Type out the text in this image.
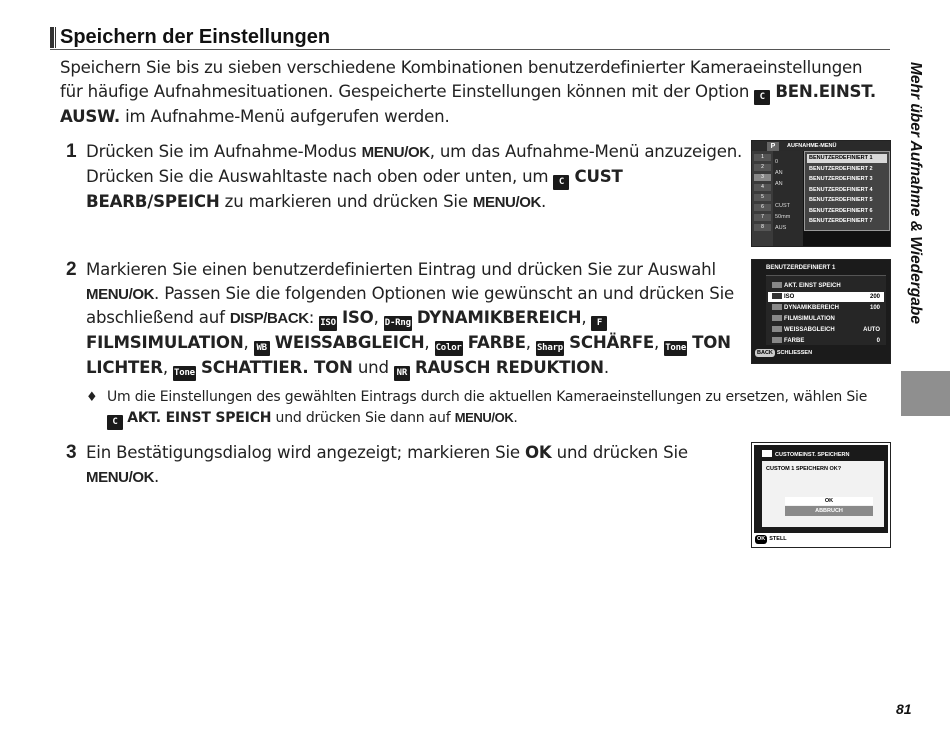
Speichern der Einstellungen
Speichern Sie bis zu sieben verschiedene Kombinationen benutzerdefinierter Kameraeinstellungen für häufige Aufnahmesituationen. Gespeicherte Einstellungen können mit der Option C BEN.EINST. AUSW. im Aufnahme-Menü aufgerufen werden.
1 Drücken Sie im Aufnahme-Modus MENU/OK, um das Aufnahme-Menü anzuzeigen. Drücken Sie die Auswahltaste nach oben oder unten, um C CUST BEARB/SPEICH zu markieren und drücken Sie MENU/OK.
2 Markieren Sie einen benutzerdefinierten Eintrag und drücken Sie zur Auswahl MENU/OK. Passen Sie die folgenden Optionen wie gewünscht an und drücken Sie abschließend auf DISP/BACK: ISO ISO, D-Rng DYNAMIKBEREICH, F FILMSIMULATION, WB WEISSABGLEICH, Color FARBE, Sharp SCHÄRFE, Tone TON LICHTER, Tone SCHATTIER. TON und NR RAUSCH REDUKTION.
♦ Um die Einstellungen des gewählten Eintrags durch die aktuellen Kameraeinstellungen zu ersetzen, wählen Sie C AKT. EINST SPEICH und drücken Sie dann auf MENU/OK.
3 Ein Bestätigungsdialog wird angezeigt; markieren Sie OK und drücken Sie MENU/OK.
Mehr über Aufnahme & Wiedergabe
81
P	AUFNAHME-MENÜ
1
2
3
4
5
6
7
8
0
AN
AN
CUST
50mm
AUS
BENUTZERDEFINIERT 1
BENUTZERDEFINIERT 2
BENUTZERDEFINIERT 3
BENUTZERDEFINIERT 4
BENUTZERDEFINIERT 5
BENUTZERDEFINIERT 6
BENUTZERDEFINIERT 7
BENUTZERDEFINIERT 1
AKT. EINST SPEICH
ISO	200
DYNAMIKBEREICH	100
FILMSIMULATION
WEISSABGLEICH	AUTO
FARBE	0
BACK SCHLIESSEN
CUSTOMEINST. SPEICHERN
CUSTOM 1 SPEICHERN OK?
OK
ABBRUCH
OK STELL
